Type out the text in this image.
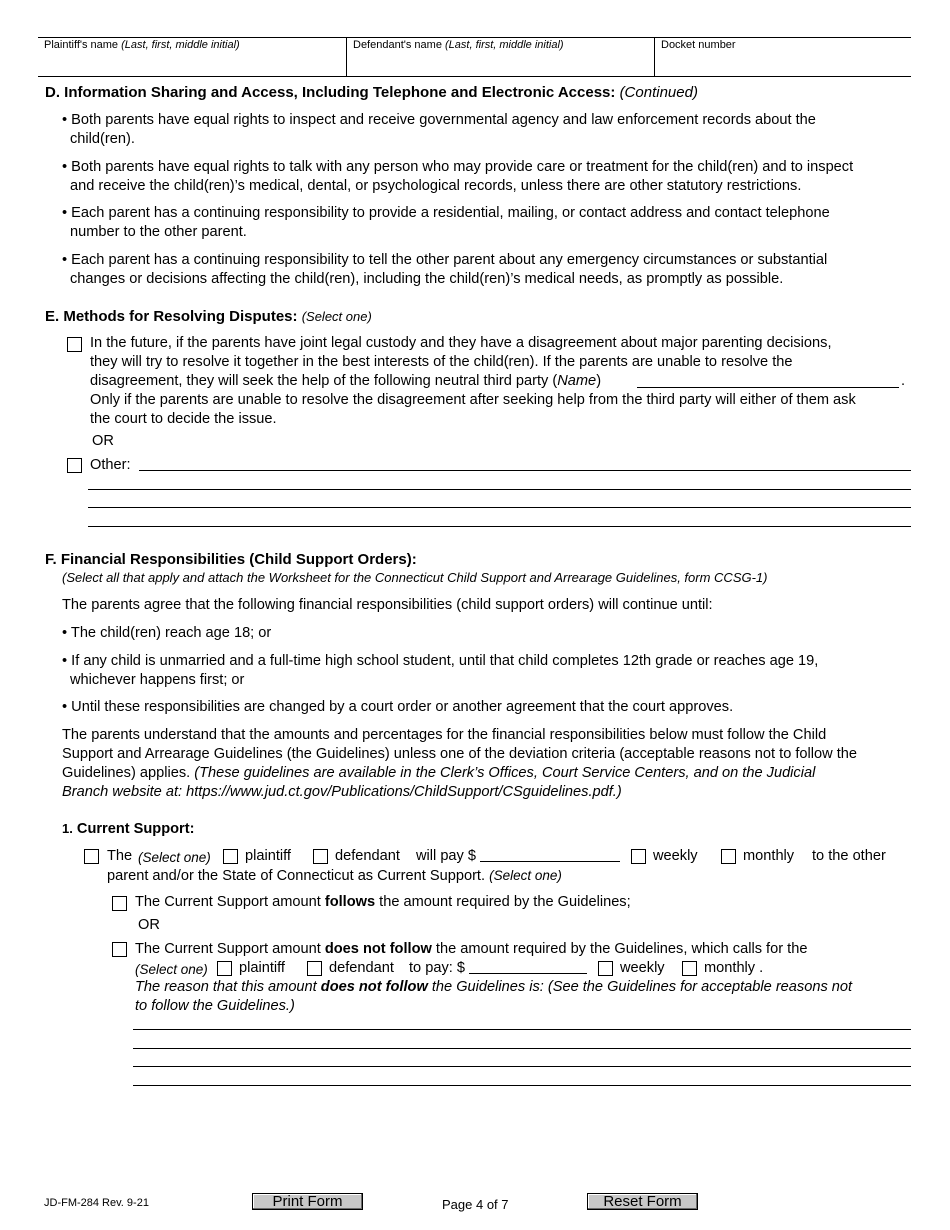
Plaintiff's name (Last, first, middle initial)	Defendant's name (Last, first, middle initial)	Docket number
D. Information Sharing and Access, Including Telephone and Electronic Access: (Continued)

• Both parents have equal rights to inspect and receive governmental agency and law enforcement records about the

child(ren).

• Both parents have equal rights to talk with any person who may provide care or treatment for the child(ren) and to inspect

and receive the child(ren)’s medical, dental, or psychological records, unless there are other statutory restrictions.

• Each parent has a continuing responsibility to provide a residential, mailing, or contact address and contact telephone

number to the other parent.

• Each parent has a continuing responsibility to tell the other parent about any emergency circumstances or substantial

changes or decisions affecting the child(ren), including the child(ren)’s medical needs, as promptly as possible.

E. Methods for Resolving Disputes: (Select one)

In the future, if the parents have joint legal custody and they have a disagreement about major parenting decisions,

they will try to resolve it together in the best interests of the child(ren). If the parents are unable to resolve the

disagreement, they will seek the help of the following neutral third party (Name)

Only if the parents are unable to resolve the disagreement after seeking help from the third party will either of them ask

the court to decide the issue.

.
OR
Other:
F. Financial Responsibilities (Child Support Orders):
(Select all that apply and attach the Worksheet for the Connecticut Child Support and Arrearage Guidelines, form CCSG-1)
The parents agree that the following financial responsibilities (child support orders) will continue until:
• The child(ren) reach age 18; or

• If any child is unmarried and a full-time high school student, until that child completes 12th grade or reaches age 19,

whichever happens first; or

• Until these responsibilities are changed by a court order or another agreement that the court approves.

The parents understand that the amounts and percentages for the financial responsibilities below must follow the Child

Support and Arrearage Guidelines (the Guidelines) unless one of the deviation criteria (acceptable reasons not to follow the

Guidelines) applies. (These guidelines are available in the Clerk’s Offices, Court Service Centers, and on the Judicial

Branch website at: https://www.jud.ct.gov/Publications/ChildSupport/CSguidelines.pdf.)

1. Current Support:
The (Select one) plaintiff	defendant will pay $	weekly	monthly to the other
parent and/or the State of Connecticut as Current Support. (Select one)
The Current Support amount follows the amount required by the Guidelines;
OR
The Current Support amount does not follow the amount required by the Guidelines, which calls for the
(Select one) plaintiff	defendant to pay: $	weekly	monthly .

The reason that this amount does not follow the Guidelines is: (See the Guidelines for acceptable reasons not

to follow the Guidelines.)

JD-FM-284 Rev. 9-21	Print Form	Page 4 of 7	Reset Form
